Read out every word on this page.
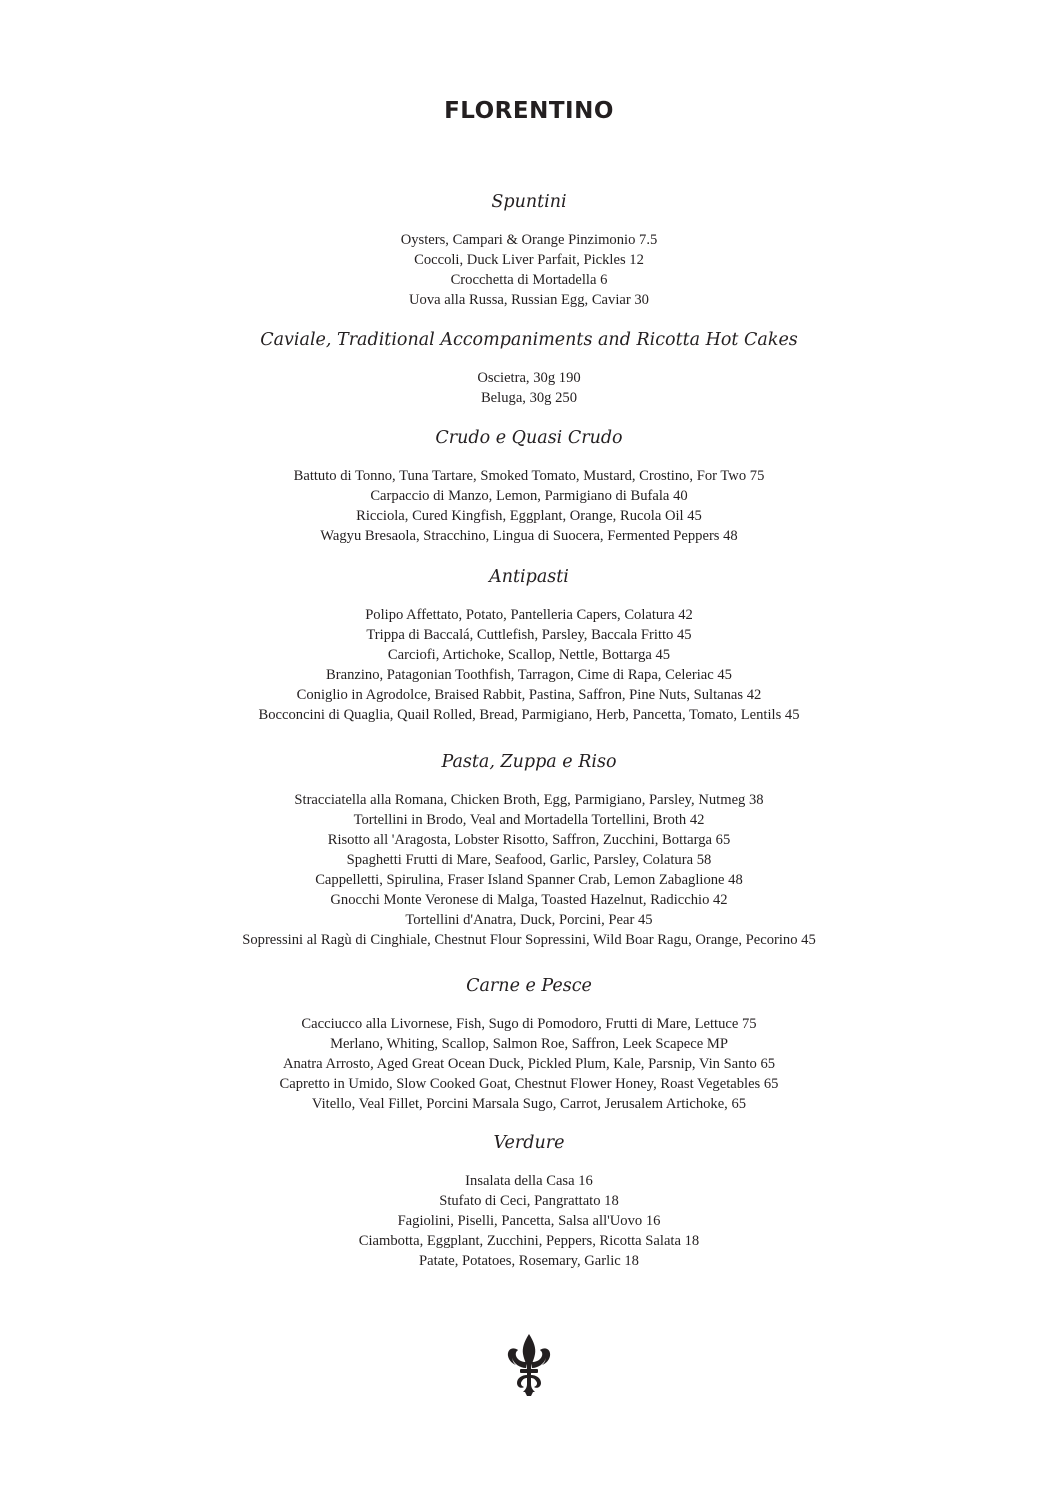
FLORENTINO
Spuntini
Oysters, Campari & Orange Pinzimonio 7.5
Coccoli, Duck Liver Parfait, Pickles 12
Crocchetta di Mortadella 6
Uova alla Russa, Russian Egg, Caviar 30
Caviale, Traditional Accompaniments and Ricotta Hot Cakes
Oscietra, 30g 190
Beluga, 30g 250
Crudo e Quasi Crudo
Battuto di Tonno, Tuna Tartare, Smoked Tomato, Mustard, Crostino, For Two 75
Carpaccio di Manzo, Lemon, Parmigiano di Bufala 40
Ricciola, Cured Kingfish, Eggplant, Orange, Rucola Oil 45
Wagyu Bresaola, Stracchino, Lingua di Suocera, Fermented Peppers 48
Antipasti
Polipo Affettato, Potato, Pantelleria Capers, Colatura 42
Trippa di Baccalá, Cuttlefish, Parsley, Baccala Fritto 45
Carciofi, Artichoke, Scallop, Nettle, Bottarga 45
Branzino, Patagonian Toothfish, Tarragon, Cime di Rapa, Celeriac 45
Coniglio in Agrodolce, Braised Rabbit, Pastina, Saffron, Pine Nuts, Sultanas 42
Bocconcini di Quaglia, Quail Rolled, Bread, Parmigiano, Herb, Pancetta, Tomato, Lentils 45
Pasta, Zuppa e Riso
Stracciatella alla Romana, Chicken Broth, Egg, Parmigiano, Parsley, Nutmeg 38
Tortellini in Brodo, Veal and Mortadella Tortellini, Broth 42
Risotto all 'Aragosta, Lobster Risotto, Saffron, Zucchini, Bottarga 65
Spaghetti Frutti di Mare, Seafood, Garlic, Parsley, Colatura 58
Cappelletti, Spirulina, Fraser Island Spanner Crab, Lemon Zabaglione 48
Gnocchi Monte Veronese di Malga, Toasted Hazelnut, Radicchio 42
Tortellini d'Anatra, Duck, Porcini, Pear 45
Sopressini al Ragù di Cinghiale, Chestnut Flour Sopressini, Wild Boar Ragu, Orange, Pecorino 45
Carne e Pesce
Cacciucco alla Livornese, Fish, Sugo di Pomodoro, Frutti di Mare, Lettuce 75
Merlano, Whiting, Scallop, Salmon Roe, Saffron, Leek Scapece MP
Anatra Arrosto, Aged Great Ocean Duck, Pickled Plum, Kale, Parsnip, Vin Santo 65
Capretto in Umido, Slow Cooked Goat, Chestnut Flower Honey, Roast Vegetables 65
Vitello, Veal Fillet, Porcini Marsala Sugo, Carrot, Jerusalem Artichoke, 65
Verdure
Insalata della Casa 16
Stufato di Ceci, Pangrattato 18
Fagiolini, Piselli, Pancetta, Salsa all'Uovo 16
Ciambotta, Eggplant, Zucchini, Peppers, Ricotta Salata 18
Patate, Potatoes, Rosemary, Garlic 18
